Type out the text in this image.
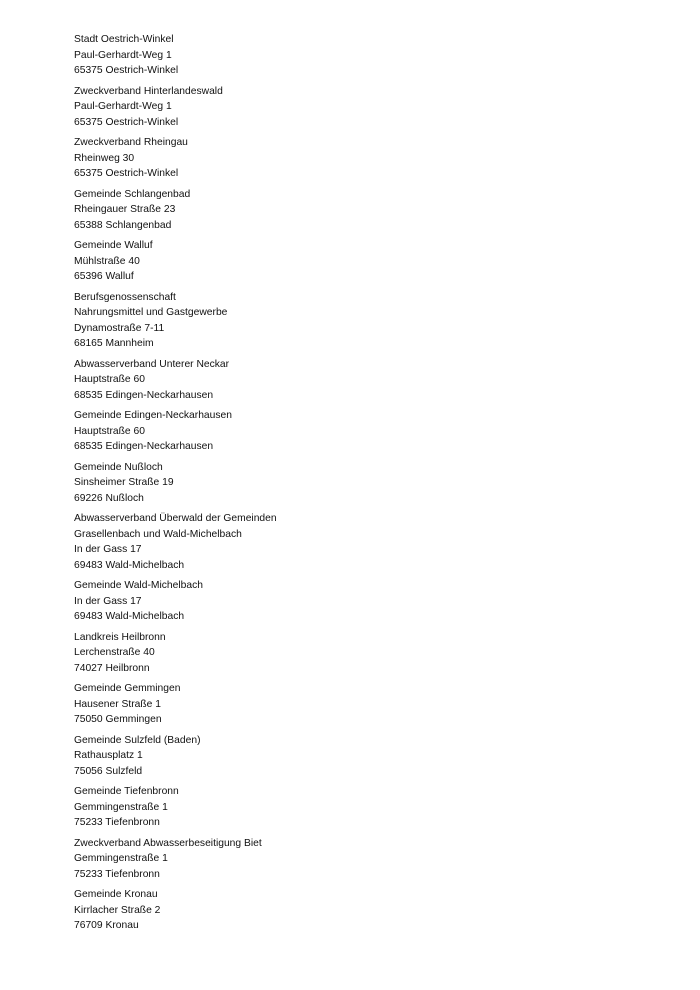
Stadt Oestrich-Winkel
Paul-Gerhardt-Weg 1
65375 Oestrich-Winkel
Zweckverband Hinterlandeswald
Paul-Gerhardt-Weg 1
65375 Oestrich-Winkel
Zweckverband Rheingau
Rheinweg 30
65375 Oestrich-Winkel
Gemeinde Schlangenbad
Rheingauer Straße 23
65388 Schlangenbad
Gemeinde Walluf
Mühlstraße 40
65396 Walluf
Berufsgenossenschaft
Nahrungsmittel und Gastgewerbe
Dynamostraße 7-11
68165 Mannheim
Abwasserverband Unterer Neckar
Hauptstraße 60
68535 Edingen-Neckarhausen
Gemeinde Edingen-Neckarhausen
Hauptstraße 60
68535 Edingen-Neckarhausen
Gemeinde Nußloch
Sinsheimer Straße 19
69226 Nußloch
Abwasserverband Überwald der Gemeinden
Grasellenbach und Wald-Michelbach
In der Gass 17
69483 Wald-Michelbach
Gemeinde Wald-Michelbach
In der Gass 17
69483 Wald-Michelbach
Landkreis Heilbronn
Lerchenstraße 40
74027 Heilbronn
Gemeinde Gemmingen
Hausener Straße 1
75050 Gemmingen
Gemeinde Sulzfeld (Baden)
Rathausplatz 1
75056 Sulzfeld
Gemeinde Tiefenbronn
Gemmingenstraße 1
75233 Tiefenbronn
Zweckverband Abwasserbeseitigung Biet
Gemmingenstraße 1
75233 Tiefenbronn
Gemeinde Kronau
Kirrlacher Straße 2
76709 Kronau
